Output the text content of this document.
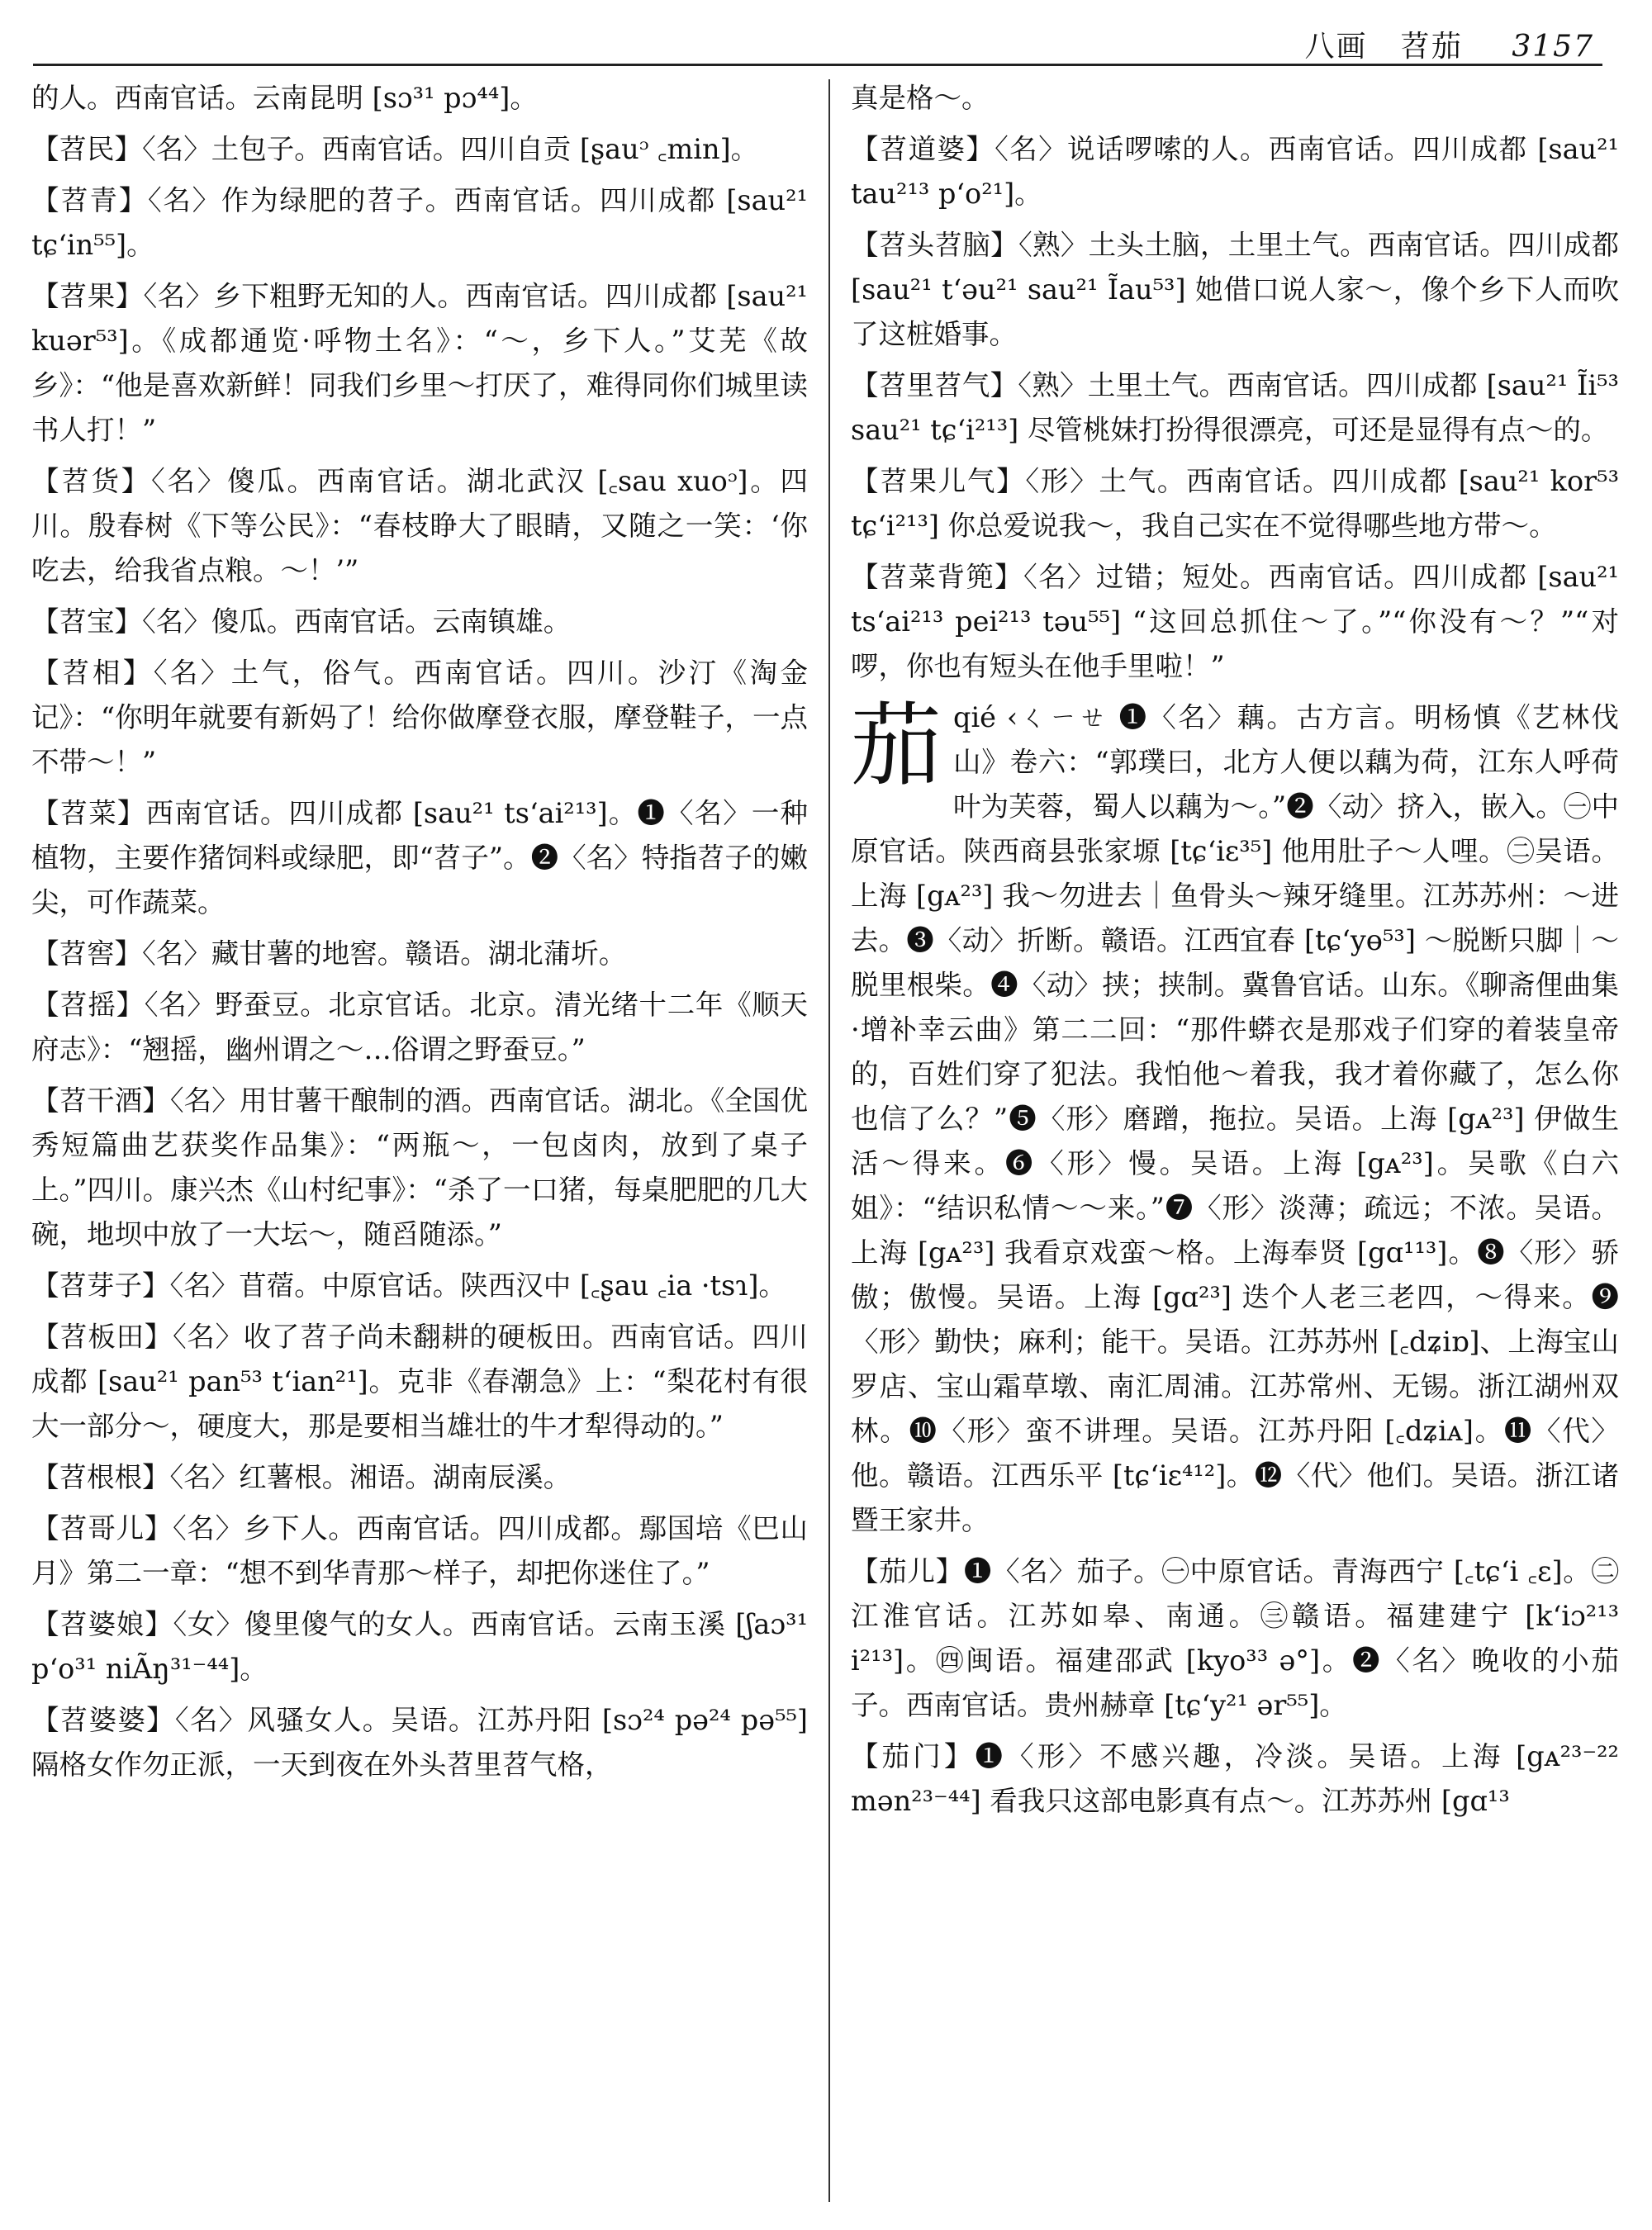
八画 苕茄 3157

的人。西南官话。云南昆明 [sɔ³¹ pɔ⁴⁴]。

【苕民】〈名〉土包子。西南官话。四川自贡 [ʂauᵓ ꜀min]。

【苕青】〈名〉作为绿肥的苕子。西南官话。四川成都 [sau²¹ tɕʻin⁵⁵]。

【苕果】〈名〉乡下粗野无知的人。西南官话。四川成都 [sau²¹ kuər⁵³]。《成都通览·呼物土名》：“～，乡下人。”艾芜《故乡》：“他是喜欢新鲜！同我们乡里～打厌了，难得同你们城里读书人打！”

【苕货】〈名〉傻瓜。西南官话。湖北武汉 [꜀sau xuoᵓ]。四川。殷春树《下等公民》：“春枝睁大了眼睛，又随之一笑：‘你吃去，给我省点粮。～！’”

【苕宝】〈名〉傻瓜。西南官话。云南镇雄。

【苕相】〈名〉土气，俗气。西南官话。四川。沙汀《淘金记》：“你明年就要有新妈了！给你做摩登衣服，摩登鞋子，一点不带～！”

【苕菜】西南官话。四川成都 [sau²¹ tsʻai²¹³]。❶〈名〉一种植物，主要作猪饲料或绿肥，即“苕子”。❷〈名〉特指苕子的嫩尖，可作蔬菜。

【苕窖】〈名〉藏甘薯的地窖。赣语。湖北蒲圻。

【苕摇】〈名〉野蚕豆。北京官话。北京。清光绪十二年《顺天府志》：“翘摇，幽州谓之～…俗谓之野蚕豆。”

【苕干酒】〈名〉用甘薯干酿制的酒。西南官话。湖北。《全国优秀短篇曲艺获奖作品集》：“两瓶～，一包卤肉，放到了桌子上。”四川。康兴杰《山村纪事》：“杀了一口猪，每桌肥肥的几大碗，地坝中放了一大坛～，随舀随添。”

【苕芽子】〈名〉苜蓿。中原官话。陕西汉中 [꜀ʂau ꜀ia ·tsɿ]。

【苕板田】〈名〉收了苕子尚未翻耕的硬板田。西南官话。四川成都 [sau²¹ pan⁵³ tʻian²¹]。克非《春潮急》上：“梨花村有很大一部分～，硬度大，那是要相当雄壮的牛才犁得动的。”

【苕根根】〈名〉红薯根。湘语。湖南辰溪。

【苕哥儿】〈名〉乡下人。西南官话。四川成都。鄢国培《巴山月》第二一章：“想不到华青那～样子，却把你迷住了。”

【苕婆娘】〈女〉傻里傻气的女人。西南官话。云南玉溪 [ʃaɔ³¹ pʻo³¹ niÃŋ³¹⁻⁴⁴]。

【苕婆婆】〈名〉风骚女人。吴语。江苏丹阳 [sɔ²⁴ pə²⁴ pə⁵⁵] 隔格女作勿正派，一天到夜在外头苕里苕气格，

真是格～。

【苕道婆】〈名〉说话啰嗦的人。西南官话。四川成都 [sau²¹ tau²¹³ pʻo²¹]。

【苕头苕脑】〈熟〉土头土脑，土里土气。西南官话。四川成都 [sau²¹ tʻəu²¹ sau²¹ Ĩau⁵³] 她借口说人家～，像个乡下人而吹了这桩婚事。

【苕里苕气】〈熟〉土里土气。西南官话。四川成都 [sau²¹ Ĩi⁵³ sau²¹ tɕʻi²¹³] 尽管桃妹打扮得很漂亮，可还是显得有点～的。

【苕果儿气】〈形〉土气。西南官话。四川成都 [sau²¹ kor⁵³ tɕʻi²¹³] 你总爱说我～，我自己实在不觉得哪些地方带～。

【苕菜背篼】〈名〉过错；短处。西南官话。四川成都 [sau²¹ tsʻai²¹³ pei²¹³ təu⁵⁵] “这回总抓住～了。”“你没有～？”“对啰，你也有短头在他手里啦！”

茄 qié ‹ㄑㄧㄝ ❶〈名〉藕。古方言。明杨慎《艺林伐山》卷六：“郭璞曰，北方人便以藕为荷，江东人呼荷叶为芙蓉，蜀人以藕为～。”❷〈动〉挤入，嵌入。㊀中原官话。陕西商县张家塬 [tɕʻiɛ³⁵] 他用肚子～人哩。㊁吴语。上海 [gᴀ²³] 我～勿进去｜鱼骨头～辣牙缝里。江苏苏州：～进去。❸〈动〉折断。赣语。江西宜春 [tɕʻyɵ⁵³] ～脱断只脚｜～脱里根柴。❹〈动〉挟；挟制。冀鲁官话。山东。《聊斋俚曲集·增补幸云曲》第二二回：“那件蟒衣是那戏子们穿的着装皇帝的，百姓们穿了犯法。我怕他～着我，我才着你藏了，怎么你也信了么？”❺〈形〉磨蹭，拖拉。吴语。上海 [gᴀ²³] 伊做生活～得来。❻〈形〉慢。吴语。上海 [gᴀ²³]。吴歌《白六姐》：“结识私情～～来。”❼〈形〉淡薄；疏远；不浓。吴语。上海 [gᴀ²³] 我看京戏蛮～格。上海奉贤 [gɑ¹¹³]。❽〈形〉骄傲；傲慢。吴语。上海 [gɑ²³] 迭个人老三老四，～得来。❾〈形〉勤快；麻利；能干。吴语。江苏苏州 [꜀dʑiɒ]、上海宝山罗店、宝山霜草墩、南汇周浦。江苏常州、无锡。浙江湖州双林。❿〈形〉蛮不讲理。吴语。江苏丹阳 [꜀dʑiᴀ]。⓫〈代〉他。赣语。江西乐平 [tɕʻiɛ⁴¹²]。⓬〈代〉他们。吴语。浙江诸暨王家井。

【茄儿】❶〈名〉茄子。㊀中原官话。青海西宁 [꜀tɕʻi ꜀ɛ]。㊁江淮官话。江苏如皋、南通。㊂赣语。福建建宁 [kʻiɔ²¹³ i²¹³]。㊃闽语。福建邵武 [kyo³³ ə°]。❷〈名〉晚收的小茄子。西南官话。贵州赫章 [tɕʻy²¹ ər⁵⁵]。

【茄门】❶〈形〉不感兴趣，冷淡。吴语。上海 [gᴀ²³⁻²² mən²³⁻⁴⁴] 看我只这部电影真有点～。江苏苏州 [gɑ¹³
